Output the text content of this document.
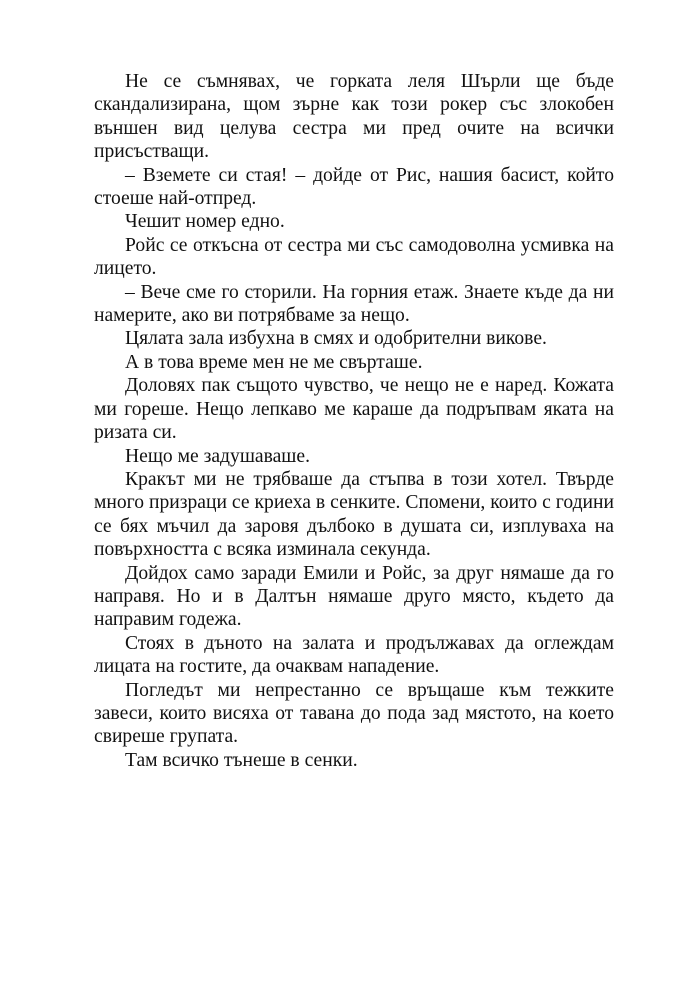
Не се съмнявах, че горката леля Шърли ще бъде скандализирана, щом зърне как този рокер със злокобен външен вид целува сестра ми пред очите на всички присъстващи.

– Вземете си стая! – дойде от Рис, нашия басист, който стоеше най-отпред.

Чешит номер едно.

Ройс се откъсна от сестра ми със самодоволна усмивка на лицето.

– Вече сме го сторили. На горния етаж. Знаете къде да ни намерите, ако ви потрябваме за нещо.

Цялата зала избухна в смях и одобрителни викове.

А в това време мен не ме свърташе.

Доловях пак същото чувство, че нещо не е наред. Кожата ми гореше. Нещо лепкаво ме караше да подръпвам яката на ризата си.

Нещо ме задушаваше.

Кракът ми не трябваше да стъпва в този хотел. Твърде много призраци се криеха в сенките. Спомени, които с години се бях мъчил да заровя дълбоко в душата си, изплуваха на повърхността с всяка изминала секунда.

Дойдох само заради Емили и Ройс, за друг нямаше да го направя. Но и в Далтън нямаше друго място, където да направим годежа.

Стоях в дъното на залата и продължавах да оглеждам лицата на гостите, да очаквам нападение.

Погледът ми непрестанно се връщаше към тежките завеси, които висяха от тавана до пода зад мястото, на което свиреше групата.

Там всичко тънеше в сенки.
